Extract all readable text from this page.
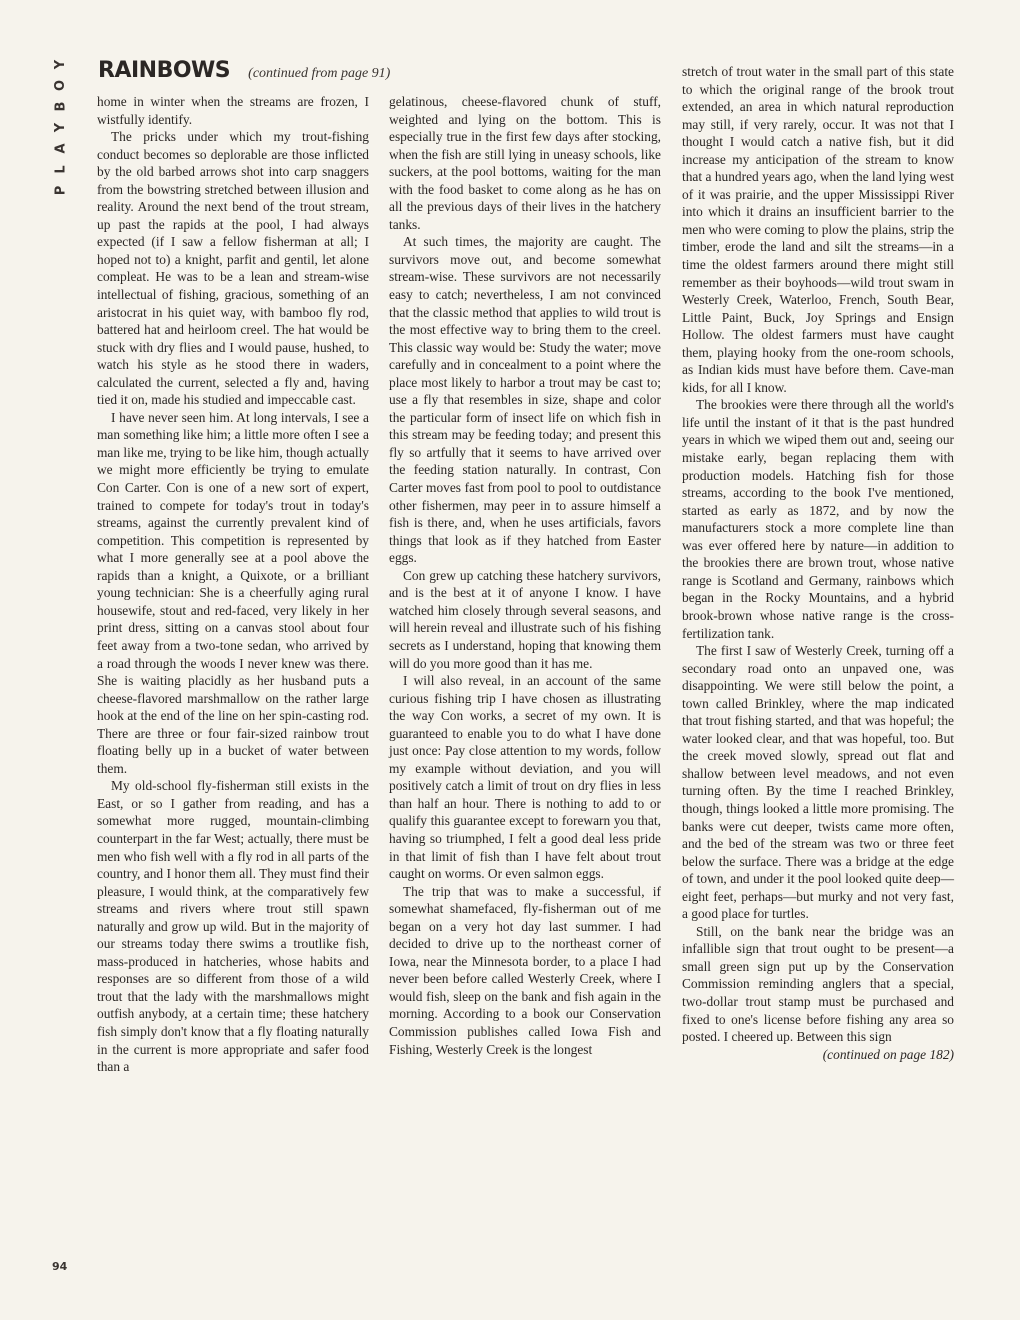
Y
O
B
Y
A
L
P
RAINBOWS (continued from page 91)

home in winter when the streams are frozen, I wistfully identify.

The pricks under which my trout-fishing conduct becomes so deplorable are those inflicted by the old barbed arrows shot into carp snaggers from the bowstring stretched between illusion and reality. Around the next bend of the trout stream, up past the rapids at the pool, I had always expected (if I saw a fellow fisherman at all; I hoped not to) a knight, parfit and gentil, let alone compleat. He was to be a lean and stream-wise intellectual of fishing, gracious, something of an aristocrat in his quiet way, with bamboo fly rod, battered hat and heirloom creel. The hat would be stuck with dry flies and I would pause, hushed, to watch his style as he stood there in waders, calculated the current, selected a fly and, having tied it on, made his studied and impeccable cast.

I have never seen him. At long intervals, I see a man something like him; a little more often I see a man like me, trying to be like him, though actually we might more efficiently be trying to emulate Con Carter. Con is one of a new sort of expert, trained to compete for today's trout in today's streams, against the currently prevalent kind of competition. This competition is represented by what I more generally see at a pool above the rapids than a knight, a Quixote, or a brilliant young technician: She is a cheerfully aging rural housewife, stout and red-faced, very likely in her print dress, sitting on a canvas stool about four feet away from a two-tone sedan, who arrived by a road through the woods I never knew was there. She is waiting placidly as her husband puts a cheese-flavored marshmallow on the rather large hook at the end of the line on her spin-casting rod. There are three or four fair-sized rainbow trout floating belly up in a bucket of water between them.

My old-school fly-fisherman still exists in the East, or so I gather from reading, and has a somewhat more rugged, mountain-climbing counterpart in the far West; actually, there must be men who fish well with a fly rod in all parts of the country, and I honor them all. They must find their pleasure, I would think, at the comparatively few streams and rivers where trout still spawn naturally and grow up wild. But in the majority of our streams today there swims a troutlike fish, mass-produced in hatcheries, whose habits and responses are so different from those of a wild trout that the lady with the marshmallows might outfish anybody, at a certain time; these hatchery fish simply don't know that a fly floating naturally in the current is more appropriate and safer food than a

gelatinous, cheese-flavored chunk of stuff, weighted and lying on the bottom. This is especially true in the first few days after stocking, when the fish are still lying in uneasy schools, like suckers, at the pool bottoms, waiting for the man with the food basket to come along as he has on all the previous days of their lives in the hatchery tanks.

At such times, the majority are caught. The survivors move out, and become somewhat stream-wise. These survivors are not necessarily easy to catch; nevertheless, I am not convinced that the classic method that applies to wild trout is the most effective way to bring them to the creel. This classic way would be: Study the water; move carefully and in concealment to a point where the place most likely to harbor a trout may be cast to; use a fly that resembles in size, shape and color the particular form of insect life on which fish in this stream may be feeding today; and present this fly so artfully that it seems to have arrived over the feeding station naturally. In contrast, Con Carter moves fast from pool to pool to outdistance other fishermen, may peer in to assure himself a fish is there, and, when he uses artificials, favors things that look as if they hatched from Easter eggs.

Con grew up catching these hatchery survivors, and is the best at it of anyone I know. I have watched him closely through several seasons, and will herein reveal and illustrate such of his fishing secrets as I understand, hoping that knowing them will do you more good than it has me.

I will also reveal, in an account of the same curious fishing trip I have chosen as illustrating the way Con works, a secret of my own. It is guaranteed to enable you to do what I have done just once: Pay close attention to my words, follow my example without deviation, and you will positively catch a limit of trout on dry flies in less than half an hour. There is nothing to add to or qualify this guarantee except to forewarn you that, having so triumphed, I felt a good deal less pride in that limit of fish than I have felt about trout caught on worms. Or even salmon eggs.

The trip that was to make a successful, if somewhat shamefaced, fly-fisherman out of me began on a very hot day last summer. I had decided to drive up to the northeast corner of Iowa, near the Minnesota border, to a place I had never been before called Westerly Creek, where I would fish, sleep on the bank and fish again in the morning. According to a book our Conservation Commission publishes called Iowa Fish and Fishing, Westerly Creek is the longest

stretch of trout water in the small part of this state to which the original range of the brook trout extended, an area in which natural reproduction may still, if very rarely, occur. It was not that I thought I would catch a native fish, but it did increase my anticipation of the stream to know that a hundred years ago, when the land lying west of it was prairie, and the upper Mississippi River into which it drains an insufficient barrier to the men who were coming to plow the plains, strip the timber, erode the land and silt the streams—in a time the oldest farmers around there might still remember as their boyhoods—wild trout swam in Westerly Creek, Waterloo, French, South Bear, Little Paint, Buck, Joy Springs and Ensign Hollow. The oldest farmers must have caught them, playing hooky from the one-room schools, as Indian kids must have before them. Cave-man kids, for all I know.

The brookies were there through all the world's life until the instant of it that is the past hundred years in which we wiped them out and, seeing our mistake early, began replacing them with production models. Hatching fish for those streams, according to the book I've mentioned, started as early as 1872, and by now the manufacturers stock a more complete line than was ever offered here by nature—in addition to the brookies there are brown trout, whose native range is Scotland and Germany, rainbows which began in the Rocky Mountains, and a hybrid brook-brown whose native range is the cross-fertilization tank.

The first I saw of Westerly Creek, turning off a secondary road onto an unpaved one, was disappointing. We were still below the point, a town called Brinkley, where the map indicated that trout fishing started, and that was hopeful; the water looked clear, and that was hopeful, too. But the creek moved slowly, spread out flat and shallow between level meadows, and not even turning often. By the time I reached Brinkley, though, things looked a little more promising. The banks were cut deeper, twists came more often, and the bed of the stream was two or three feet below the surface. There was a bridge at the edge of town, and under it the pool looked quite deep—eight feet, perhaps—but murky and not very fast, a good place for turtles.

Still, on the bank near the bridge was an infallible sign that trout ought to be present—a small green sign put up by the Conservation Commission reminding anglers that a special, two-dollar trout stamp must be purchased and fixed to one's license before fishing any area so posted. I cheered up. Between this sign

(continued on page 182)
94
